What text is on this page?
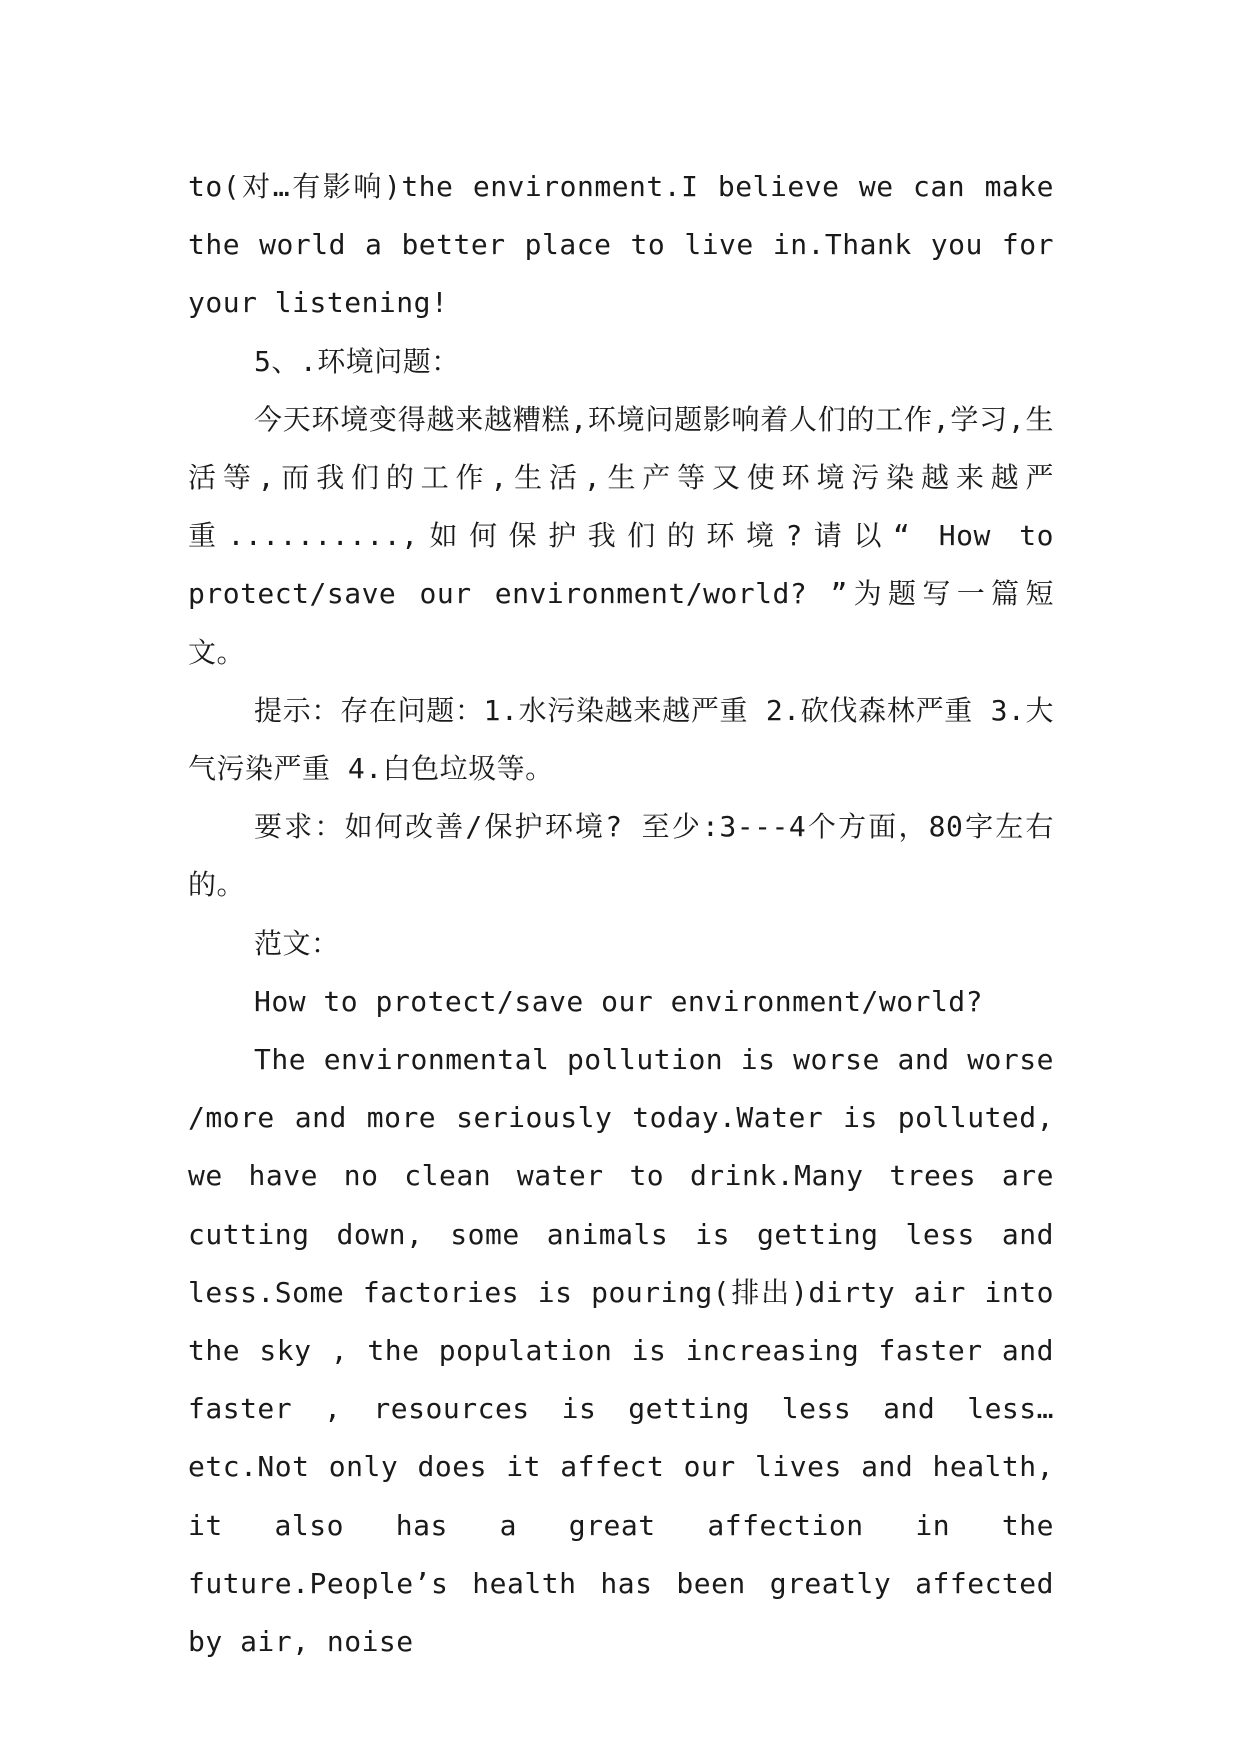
to(对…有影响)the environment.I believe we can make the world a better place to live in.Thank you for your listening!

5、.环境问题：

今天环境变得越来越糟糕,环境问题影响着人们的工作,学习,生活等,而我们的工作,生活,生产等又使环境污染越来越严重..........,如何保护我们的环境?请以“ How to protect/save our environment/world? ”为题写一篇短文。

提示：存在问题：1.水污染越来越严重 2.砍伐森林严重 3.大气污染严重 4.白色垃圾等。

要求：如何改善/保护环境? 至少:3---4个方面，80字左右的。

范文：

How to protect/save our environment/world?

The environmental pollution is worse and worse /more and more seriously today.Water is polluted, we have no clean water to drink.Many trees are cutting down, some animals is getting less and less.Some factories is pouring(排出)dirty air into the sky , the population is increasing faster and faster , resources is getting less and less…etc.Not only does it affect our lives and health, it also has a great affection in the future.People’s health has been greatly affected by air, noise
